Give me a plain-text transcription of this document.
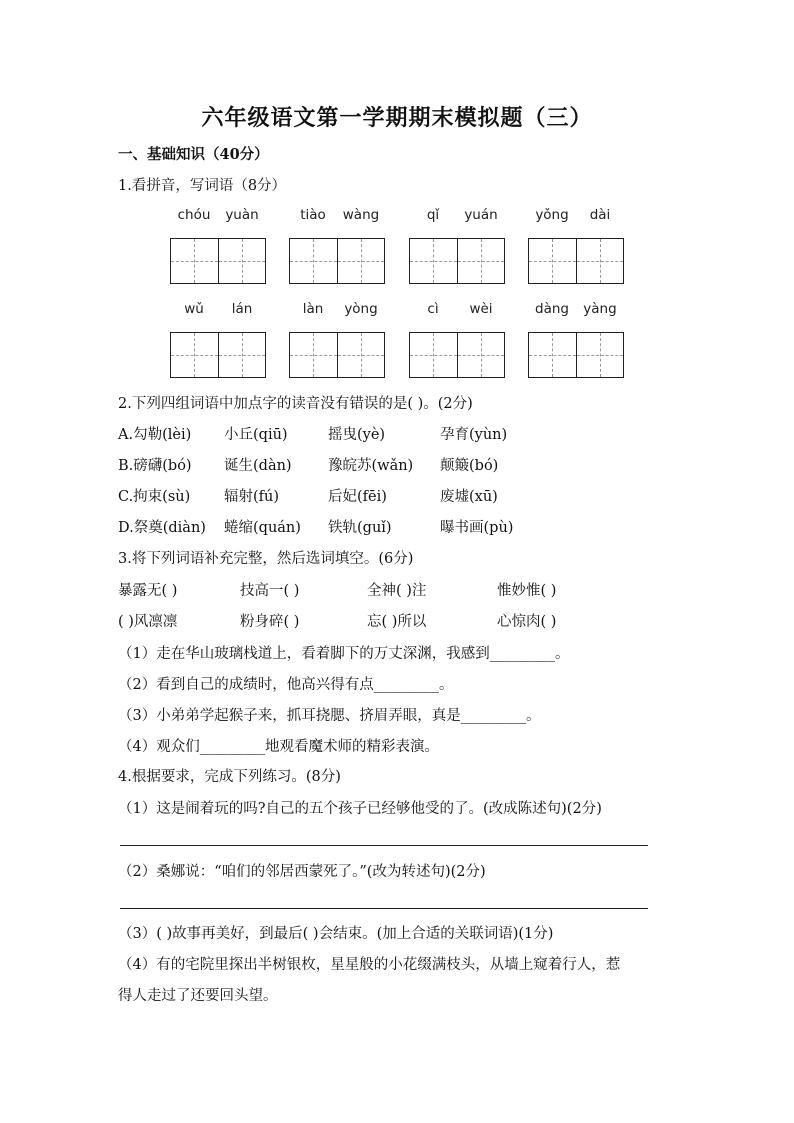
六年级语文第一学期期末模拟题（三）
一、基础知识（40分）
1.看拼音，写词语（8分）
chóu	yuàn	tiào	wàng	qǐ	yuán	yǒng	dài
wǔ	lán	làn	yòng	cì	wèi	dàng	yàng
2.下列四组词语中加点字的读音没有错误的是( )。(2分)
A.勾勒(lèi) 小丘(qiū)	摇曳(yè)	孕育(yùn)
B.磅礴(bó) 诞生(dàn)	豫皖苏(wǎn) 颠簸(bó)
C.拘束(sù) 辐射(fú)	后妃(fēi)	废墟(xū)
D.祭奠(diàn) 蜷缩(quán) 铁轨(guǐ)	曝书画(pù)
3.将下列词语补充完整，然后选词填空。(6分)
暴露无( )	技高一( )	全神( )注	惟妙惟( )
( )风凛凛	粉身碎( )	忘( )所以	心惊肉( )
（1）走在华山玻璃栈道上，看着脚下的万丈深渊，我感到_________。
（2）看到自己的成绩时，他高兴得有点_________。
（3）小弟弟学起猴子来，抓耳挠腮、挤眉弄眼，真是_________。
（4）观众们_________地观看魔术师的精彩表演。
4.根据要求，完成下列练习。(8分)
（1）这是闹着玩的吗?自己的五个孩子已经够他受的了。(改成陈述句)(2分)
（2）桑娜说：“咱们的邻居西蒙死了。”(改为转述句)(2分)
（3）( )故事再美好，到最后( )会结束。(加上合适的关联词语)(1分)
（4）有的宅院里探出半树银枚，星星般的小花缀满枝头，从墙上窥着行人，惹
得人走过了还要回头望。
